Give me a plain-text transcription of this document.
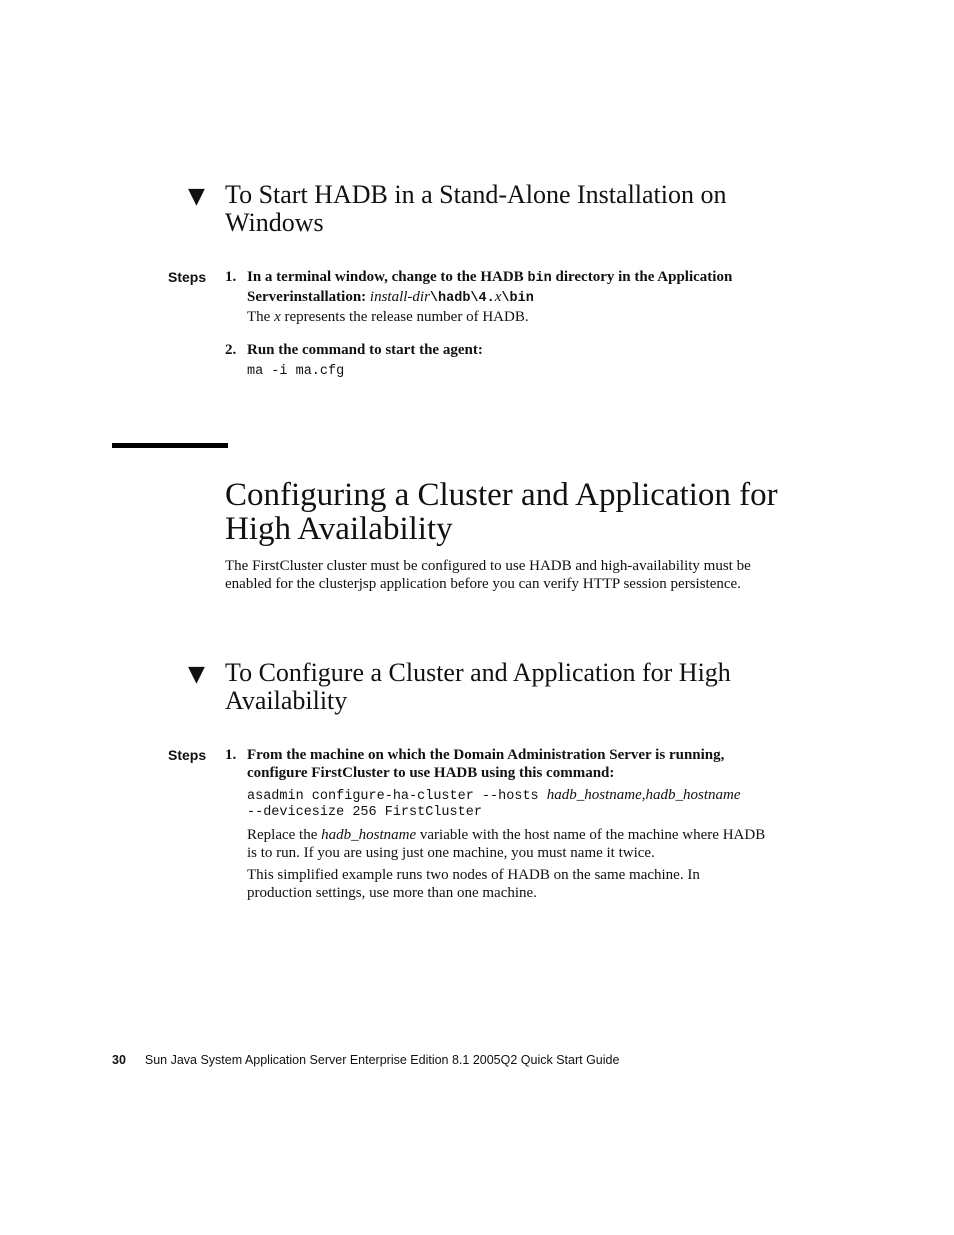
▼ To Start HADB in a Stand-Alone Installation on Windows
Steps 1. In a terminal window, change to the HADB bin directory in the Application Serverinstallation: install-dir\hadb\4.x\bin
The x represents the release number of HADB.
2. Run the command to start the agent:
ma -i ma.cfg
Configuring a Cluster and Application for High Availability
The FirstCluster cluster must be configured to use HADB and high-availability must be enabled for the clusterjsp application before you can verify HTTP session persistence.
▼ To Configure a Cluster and Application for High Availability
Steps 1. From the machine on which the Domain Administration Server is running, configure FirstCluster to use HADB using this command:
asadmin configure-ha-cluster --hosts hadb_hostname,hadb_hostname
--devicesize 256 FirstCluster
Replace the hadb_hostname variable with the host name of the machine where HADB is to run. If you are using just one machine, you must name it twice.
This simplified example runs two nodes of HADB on the same machine. In production settings, use more than one machine.
30 Sun Java System Application Server Enterprise Edition 8.1 2005Q2 Quick Start Guide
